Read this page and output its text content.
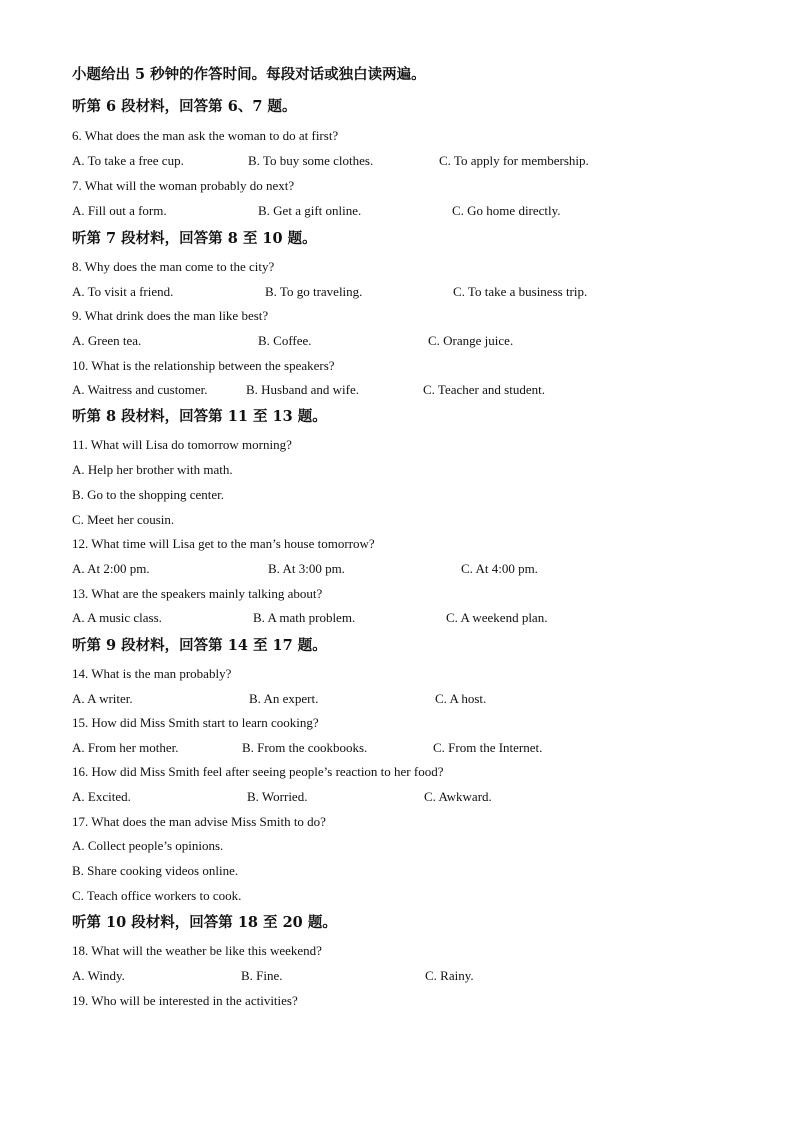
小题给出 5 秒钟的作答时间。每段对话或独白读两遍。
听第 6 段材料，回答第 6、7 题。
6. What does the man ask the woman to do at first?
A. To take a free cup.	B. To buy some clothes.	C. To apply for membership.
7. What will the woman probably do next?
A. Fill out a form.	B. Get a gift online.	C. Go home directly.
听第 7 段材料，回答第 8 至 10 题。
8. Why does the man come to the city?
A. To visit a friend.	B. To go traveling.	C. To take a business trip.
9. What drink does the man like best?
A. Green tea.	B. Coffee.	C. Orange juice.
10. What is the relationship between the speakers?
A. Waitress and customer.	B. Husband and wife.	C. Teacher and student.
听第 8 段材料，回答第 11 至 13 题。
11. What will Lisa do tomorrow morning?
A. Help her brother with math.
B. Go to the shopping center.
C. Meet her cousin.
12. What time will Lisa get to the man’s house tomorrow?
A. At 2:00 pm.	B. At 3:00 pm.	C. At 4:00 pm.
13. What are the speakers mainly talking about?
A. A music class.	B. A math problem.	C. A weekend plan.
听第 9 段材料，回答第 14 至 17 题。
14. What is the man probably?
A. A writer.	B. An expert.	C. A host.
15. How did Miss Smith start to learn cooking?
A. From her mother.	B. From the cookbooks.	C. From the Internet.
16. How did Miss Smith feel after seeing people’s reaction to her food?
A. Excited.	B. Worried.	C. Awkward.
17. What does the man advise Miss Smith to do?
A. Collect people’s opinions.
B. Share cooking videos online.
C. Teach office workers to cook.
听第 10 段材料，回答第 18 至 20 题。
18. What will the weather be like this weekend?
A. Windy.	B. Fine.	C. Rainy.
19. Who will be interested in the activities?
